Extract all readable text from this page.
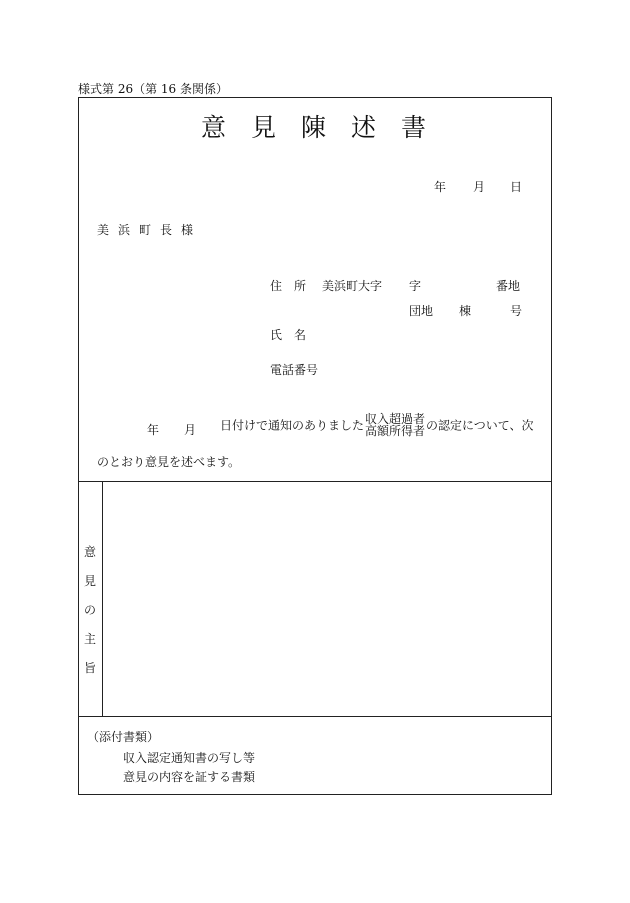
様式第 26（第 16 条関係）
意見陳述書
年 月 日
美浜町長様
住　所 美浜町大字 字	番地
団地 棟	号
氏　名
電話番号
年 月 日付けで通知のありました 収入超過者
高額所得者 の認定について、次
のとおり意見を述べます。
意
見
の
主
旨
（添付書類）
収入認定通知書の写し等
意見の内容を証する書類
